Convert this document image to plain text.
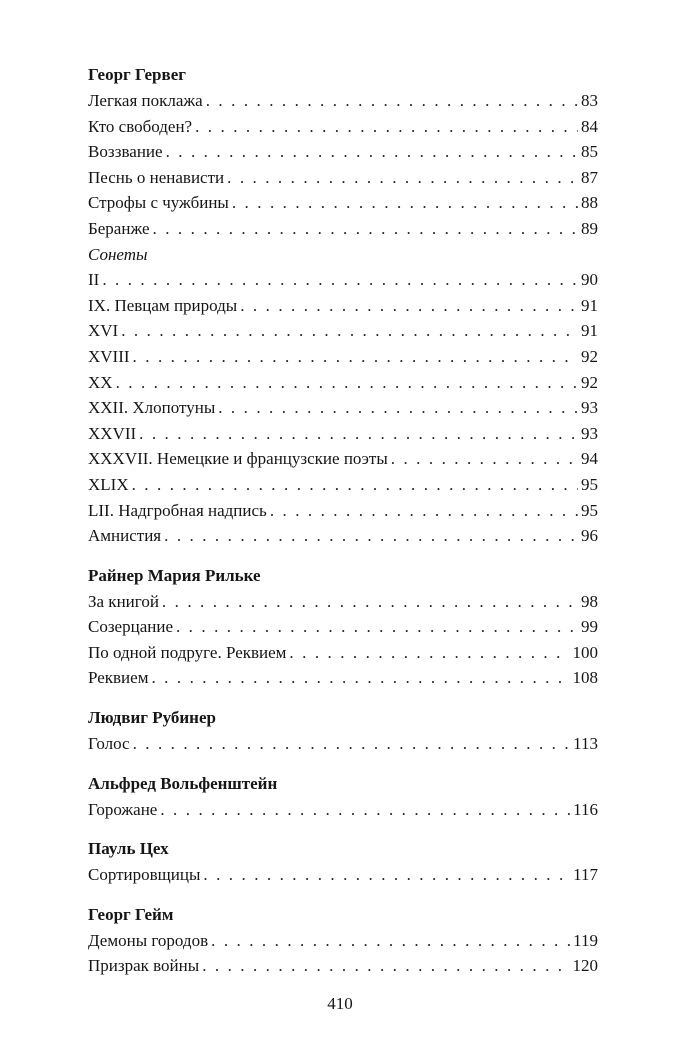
Георг Гервег
Легкая поклажа . . .	83
Кто свободен? . . .	84
Воззвание . . .	85
Песнь о ненависти . . .	87
Строфы с чужбины . . .	88
Беранже . . .	89
Сонеты
II . . .	90
IX. Певцам природы . . .	91
XVI . . .	91
XVIII . . .	92
XX . . .	92
XXII. Хлопотуны . . .	93
XXVII . . .	93
XXXVII. Немецкие и французские поэты . . .	94
XLIX . . .	95
LII. Надгробная надпись . . .	95
Амнистия . . .	96
Райнер Мария Рильке
За книгой . . .	98
Созерцание . . .	99
По одной подруге. Реквием . . .	100
Реквием . . .	108
Людвиг Рубинер
Голос . . .	113
Альфред Вольфенштейн
Горожане . . .	116
Пауль Цех
Сортировщицы . . .	117
Георг Гейм
Демоны городов . . .	119
Призрак войны . . .	120
410
